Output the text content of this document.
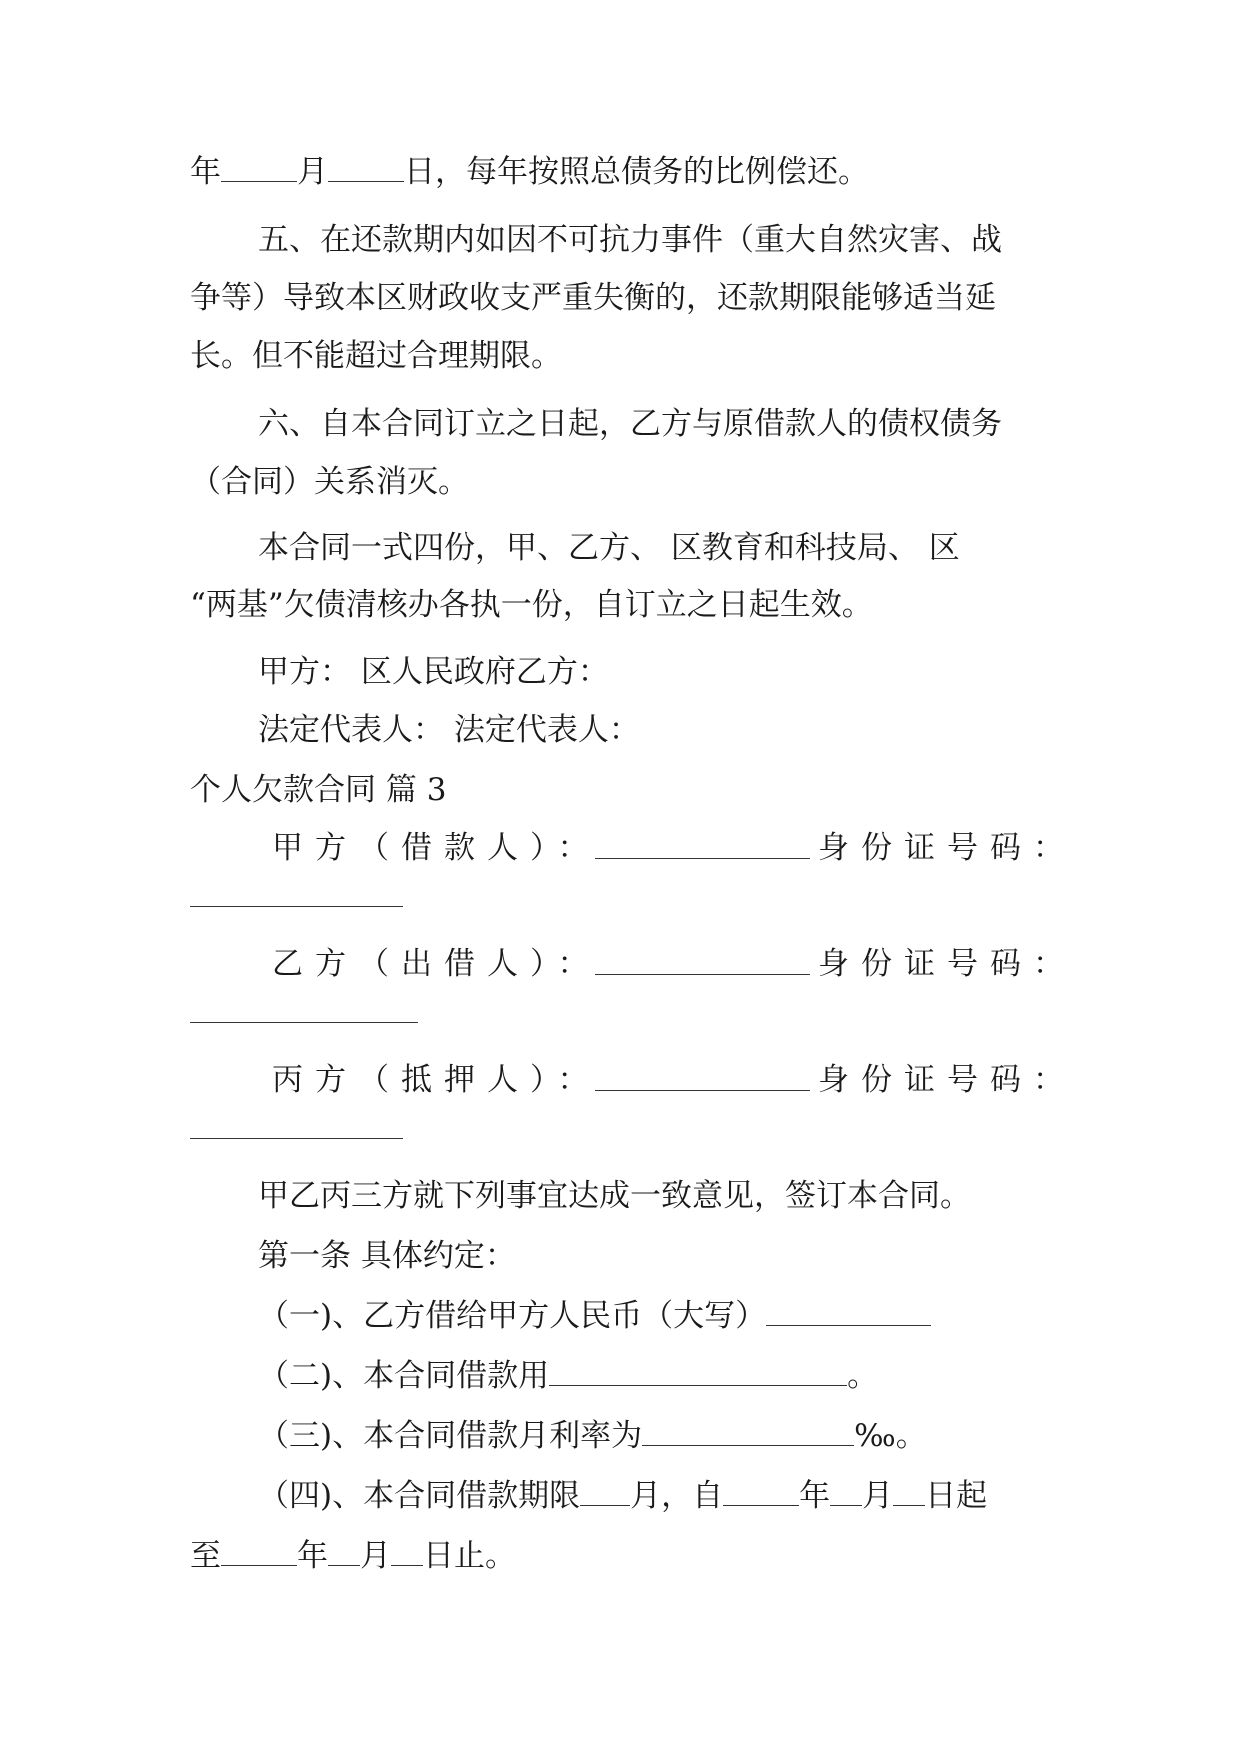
年 月 日，每年按照总债务的比例偿还。
五、在还款期内如因不可抗力事件（重大自然灾害、战
争等）导致本区财政收支严重失衡的，还款期限能够适当延
长。但不能超过合理期限。
六、自本合同订立之日起，乙方与原借款人的债权债务
（合同）关系消灭。
本合同一式四份，甲、乙方、 区教育和科技局、 区
“两基”欠债清核办各执一份，自订立之日起生效。
甲方： 区人民政府乙方：
法定代表人： 法定代表人：
个人欠款合同 篇 3
甲方（借款人）：	身份证号码：
乙方（出借人）：	身份证号码：
丙方（抵押人）：	身份证号码：
甲乙丙三方就下列事宜达成一致意见，签订本合同。
第一条 具体约定：
（一)、乙方借给甲方人民币（大写）
（二)、本合同借款用	。
（三)、本合同借款月利率为	‰。
（四)、本合同借款期限 月，自 年 月 日起
至 年 月 日止。
